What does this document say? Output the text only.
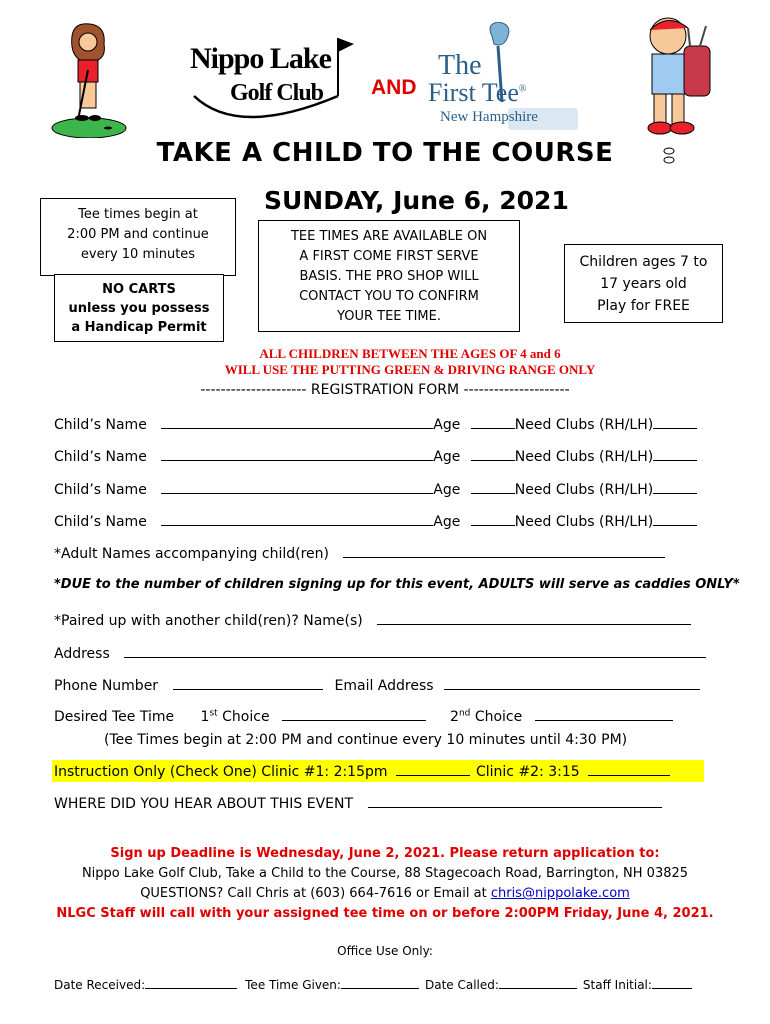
Nippo Lake
Golf Club AND
The
First Tee®
New Hampshire
TAKE A CHILD TO THE COURSE
SUNDAY, June 6, 2021
Tee times begin at
2:00 PM and continue
every 10 minutes
NO CARTS
unless you possess
a Handicap Permit
TEE TIMES ARE AVAILABLE ON
A FIRST COME FIRST SERVE
BASIS. THE PRO SHOP WILL
CONTACT YOU TO CONFIRM
YOUR TEE TIME.
Children ages 7 to
17 years old
Play for FREE
ALL CHILDREN BETWEEN THE AGES OF 4 and 6
WILL USE THE PUTTING GREEN & DRIVING RANGE ONLY
--------------------- REGISTRATION FORM ---------------------
Child’s Name	Age	Need Clubs (RH/LH)
Child’s Name	Age	Need Clubs (RH/LH)
Child’s Name	Age	Need Clubs (RH/LH)
Child’s Name	Age	Need Clubs (RH/LH)
*Adult Names accompanying child(ren)
*DUE to the number of children signing up for this event, ADULTS will serve as caddies ONLY*
*Paired up with another child(ren)? Name(s)
Address
Phone Number	Email Address
Desired Tee Time 1st Choice	2nd Choice
(Tee Times begin at 2:00 PM and continue every 10 minutes until 4:30 PM)
Instruction Only (Check One) Clinic #1: 2:15pm	Clinic #2: 3:15
WHERE DID YOU HEAR ABOUT THIS EVENT
Sign up Deadline is Wednesday, June 2, 2021. Please return application to:
Nippo Lake Golf Club, Take a Child to the Course, 88 Stagecoach Road, Barrington, NH 03825
QUESTIONS? Call Chris at (603) 664-7616 or Email at chris@nippolake.com
NLGC Staff will call with your assigned tee time on or before 2:00PM Friday, June 4, 2021.
Office Use Only:
Date Received:	Tee Time Given:	Date Called:	Staff Initial:
